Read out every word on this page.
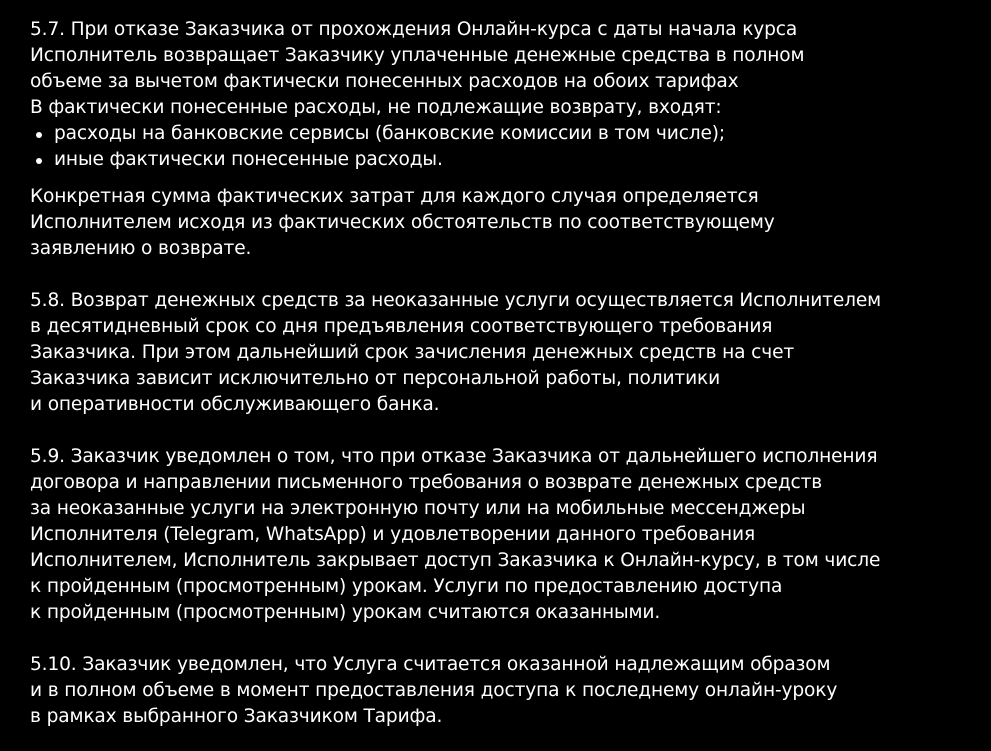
5.7. При отказе Заказчика от прохождения Онлайн-курса с даты начала курса
Исполнитель возвращает Заказчику уплаченные денежные средства в полном
объеме за вычетом фактически понесенных расходов на обоих тарифах
В фактически понесенные расходы, не подлежащие возврату, входят:
расходы на банковские сервисы (банковские комиссии в том числе);
иные фактически понесенные расходы.
Конкретная сумма фактических затрат для каждого случая определяется
Исполнителем исходя из фактических обстоятельств по соответствующему
заявлению о возврате.
5.8. Возврат денежных средств за неоказанные услуги осуществляется Исполнителем
в десятидневный срок со дня предъявления соответствующего требования
Заказчика. При этом дальнейший срок зачисления денежных средств на счет
Заказчика зависит исключительно от персональной работы, политики
и оперативности обслуживающего банка.
5.9. Заказчик уведомлен о том, что при отказе Заказчика от дальнейшего исполнения
договора и направлении письменного требования о возврате денежных средств
за неоказанные услуги на электронную почту или на мобильные мессенджеры
Исполнителя (Telegram, WhatsApp) и удовлетворении данного требования
Исполнителем, Исполнитель закрывает доступ Заказчика к Онлайн-курсу, в том числе
к пройденным (просмотренным) урокам. Услуги по предоставлению доступа
к пройденным (просмотренным) урокам считаются оказанными.
5.10. Заказчик уведомлен, что Услуга считается оказанной надлежащим образом
и в полном объеме в момент предоставления доступа к последнему онлайн-уроку
в рамках выбранного Заказчиком Тарифа.
